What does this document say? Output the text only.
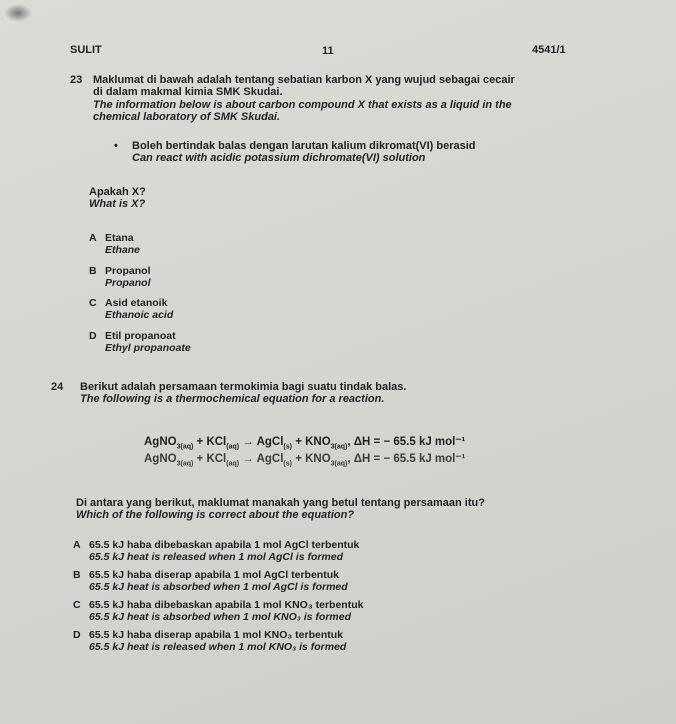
SULIT	11	4541/1
23 Maklumat di bawah adalah tentang sebatian karbon X yang wujud sebagai cecair
di dalam makmal kimia SMK Skudai.
The information below is about carbon compound X that exists as a liquid in the
chemical laboratory of SMK Skudai.
• Boleh bertindak balas dengan larutan kalium dikromat(VI) berasid
Can react with acidic potassium dichromate(VI) solution
Apakah X?
What is X?
A Etana
Ethane
B Propanol
Propanol
C Asid etanoik
Ethanoic acid
D Etil propanoat
Ethyl propanoate
24 Berikut adalah persamaan termokimia bagi suatu tindak balas.
The following is a thermochemical equation for a reaction.
AgNO$_{3(aq)}$ + KCl$_{(aq)}$ → AgCl$_{(s)}$ + $KNO_{3(aq)}$, ΔH = − 65.5 kJ mol⁻¹
AgNO$_{3(aq)}$ + KCl$_{(aq)}$ → AgCl$_{(s)}$ + $KNO_{3(aq)}$, ΔH = − 65.5 kJ mol⁻¹
Di antara yang berikut, maklumat manakah yang betul tentang persamaan itu?
Which of the following is correct about the equation?
A 65.5 kJ haba dibebaskan apabila 1 mol AgCl terbentuk
65.5 kJ heat is released when 1 mol AgCl is formed
B 65.5 kJ haba diserap apabila 1 mol AgCl terbentuk
65.5 kJ heat is absorbed when 1 mol AgCl is formed
C 65.5 kJ haba dibebaskan apabila 1 mol KNO₃ terbentuk
65.5 kJ heat is absorbed when 1 mol KNO₃ is formed
D 65.5 kJ haba diserap apabila 1 mol KNO₃ terbentuk
65.5 kJ heat is released when 1 mol KNO₃ is formed
